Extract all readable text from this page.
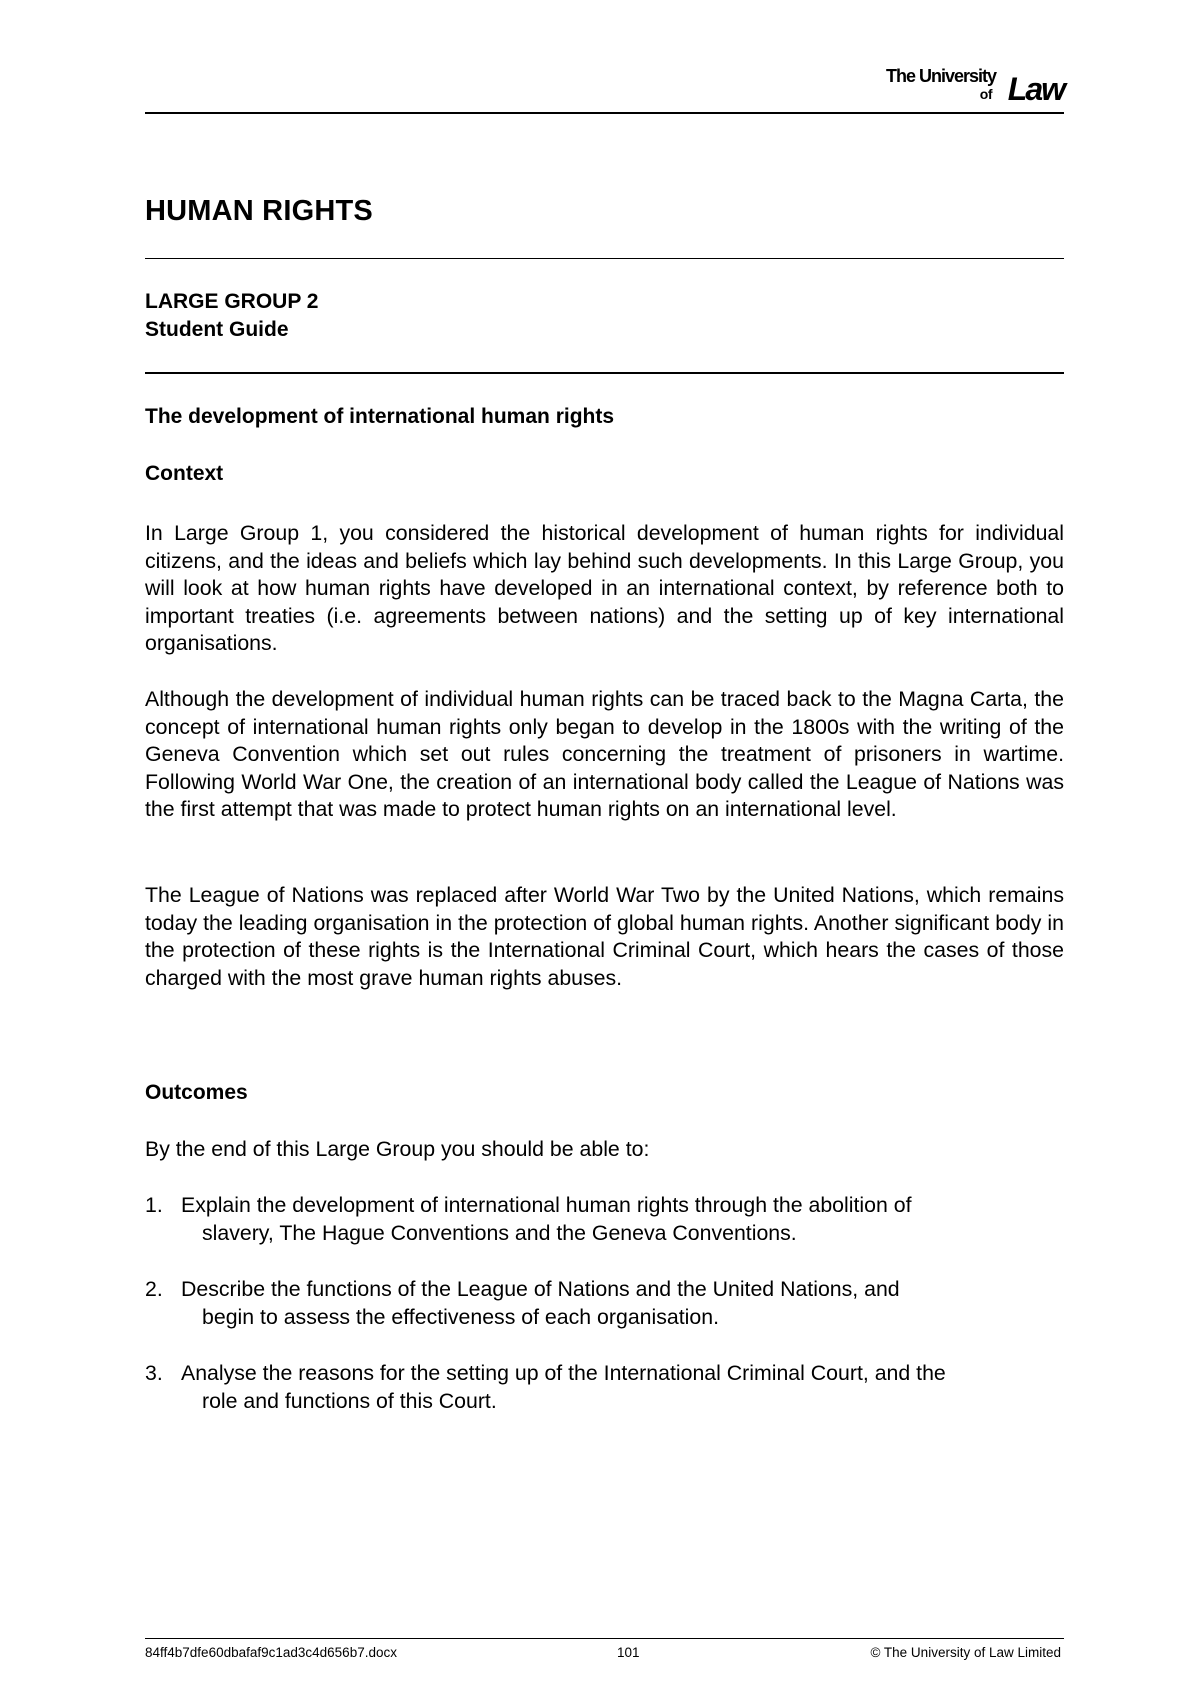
The University
of Law
HUMAN RIGHTS
LARGE GROUP 2
Student Guide
The development of international human rights
Context
In Large Group 1, you considered the historical development of human rights for individual citizens, and the ideas and beliefs which lay behind such developments. In this Large Group, you will look at how human rights have developed in an international context, by reference both to important treaties (i.e. agreements between nations) and the setting up of key international organisations.
Although the development of individual human rights can be traced back to the Magna Carta, the concept of international human rights only began to develop in the 1800s with the writing of the Geneva Convention which set out rules concerning the treatment of prisoners in wartime. Following World War One, the creation of an international body called the League of Nations was the first attempt that was made to protect human rights on an international level.
The League of Nations was replaced after World War Two by the United Nations, which remains today the leading organisation in the protection of global human rights. Another significant body in the protection of these rights is the International Criminal Court, which hears the cases of those charged with the most grave human rights abuses.
Outcomes
By the end of this Large Group you should be able to:
1. Explain the development of international human rights through the abolition of
slavery, The Hague Conventions and the Geneva Conventions.
2. Describe the functions of the League of Nations and the United Nations, and
begin to assess the effectiveness of each organisation.
3. Analyse the reasons for the setting up of the International Criminal Court, and the
role and functions of this Court.
84ff4b7dfe60dbafaf9c1ad3c4d656b7.docx	101	© The University of Law Limited
